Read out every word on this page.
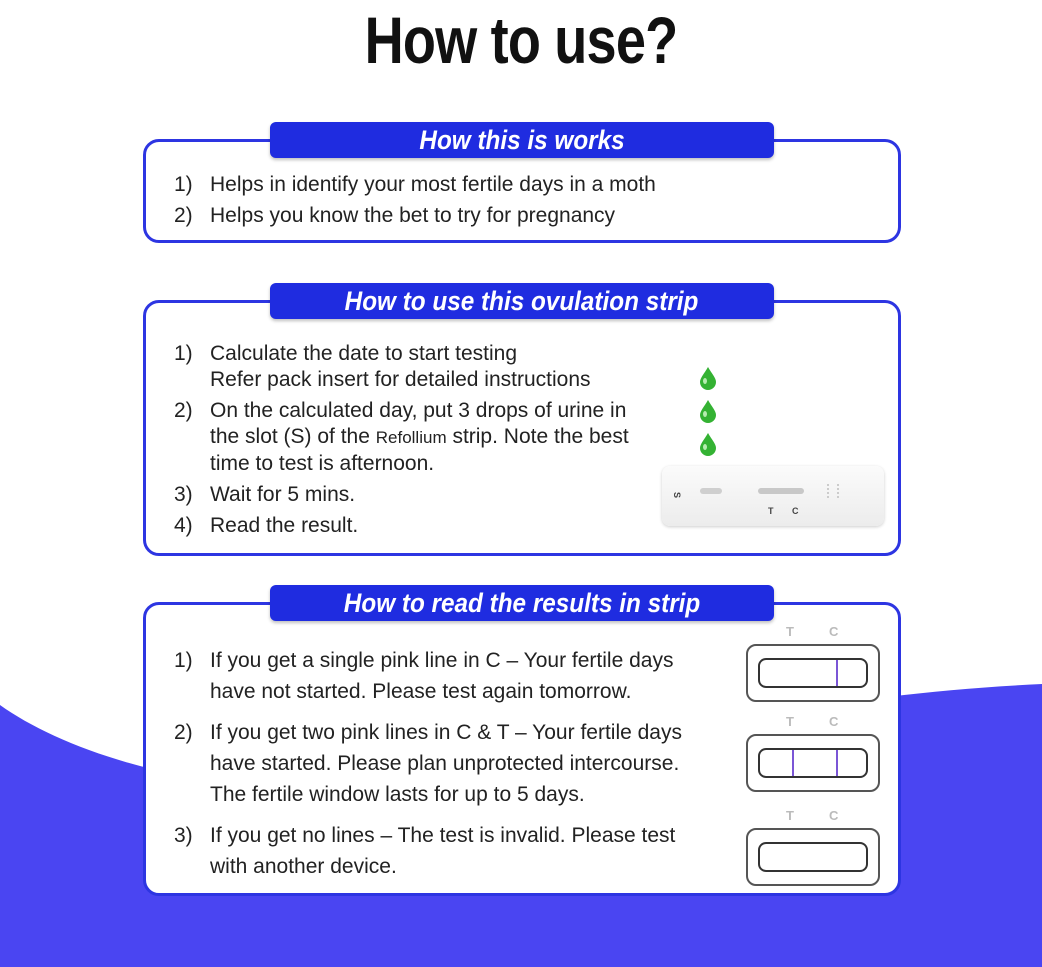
How to use?
How this is works
1) Helps in identify your most fertile days in a moth
2) Helps you know the bet to try for pregnancy
How to use this ovulation strip
1) Calculate the date to start testing
Refer pack insert for detailed instructions
2) On the calculated day, put 3 drops of urine in the slot (S) of the Refollium strip. Note the best time to test is afternoon.
3) Wait for 5 mins.
4) Read the result.
S
T C
How to read the results in strip
1) If you get a single pink line in C – Your fertile days have not started. Please test again tomorrow.
2) If you get two pink lines in C & T – Your fertile days have started. Please plan unprotected intercourse. The fertile window lasts for up to 5 days.
3) If you get no lines – The test is invalid. Please test with another device.
T	C
T	C
T	C
